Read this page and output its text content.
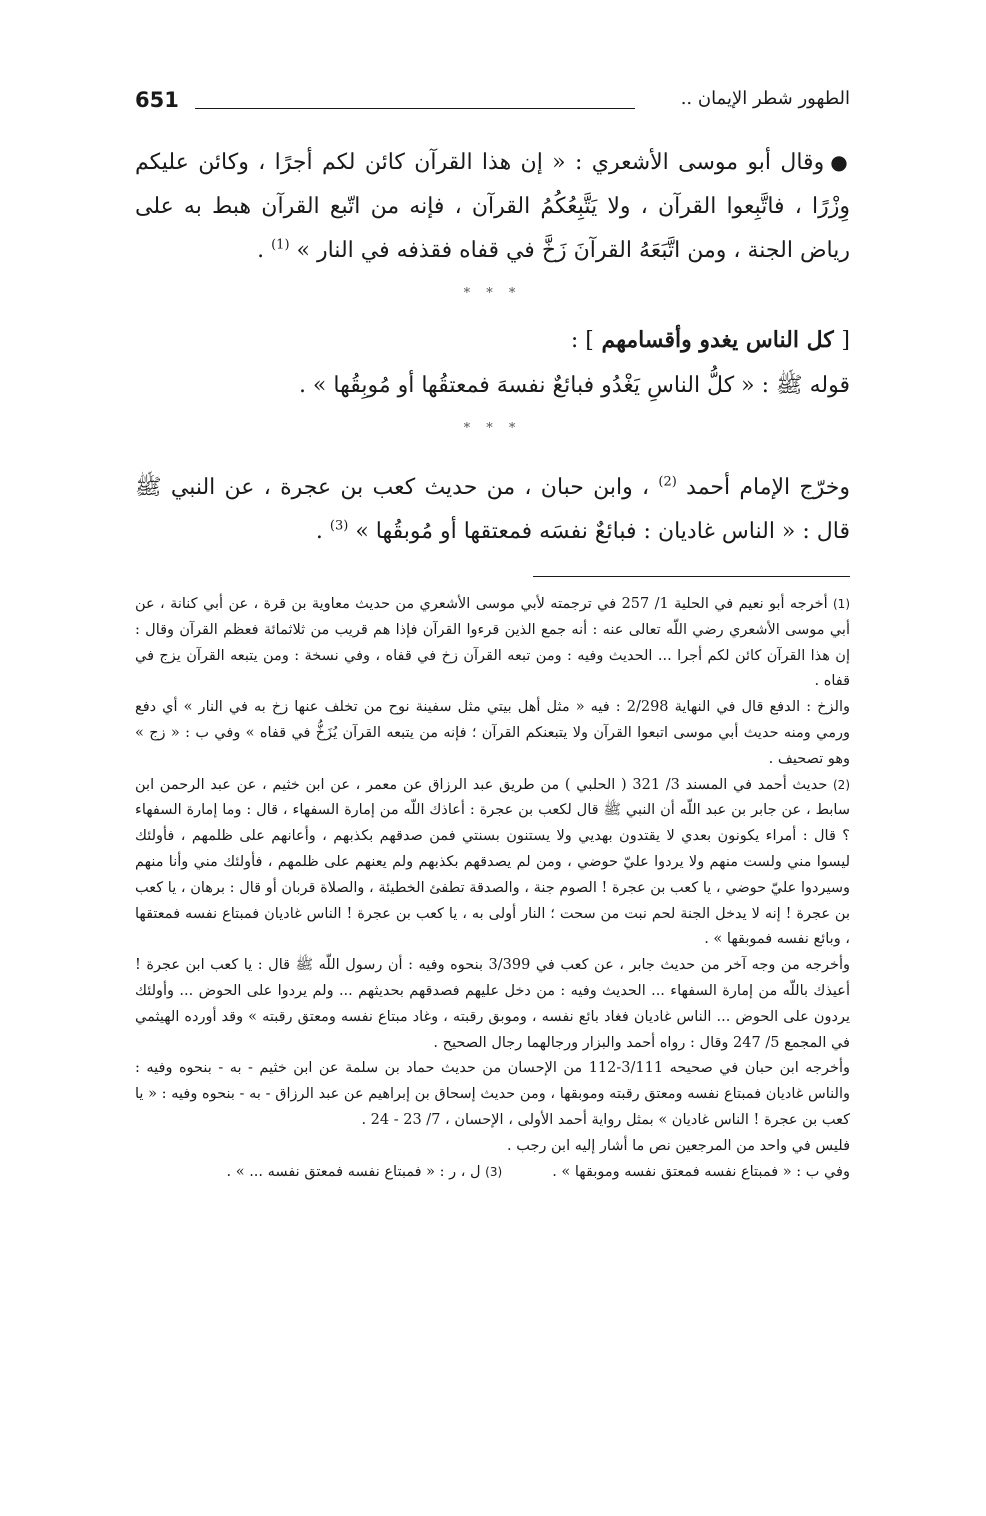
651	الطهور شطر الإيمان ..

●وقال أبو موسى الأشعري : « إن هذا القرآن كائن لكم أجرًا ، وكائن عليكم وِزْرًا ، فاتَّبِعوا القرآن ، ولا يَتَّبِعُكُمُ القرآن ، فإنه من اتّبع القرآن هبط به على رياض الجنة ، ومن اتَّبَعَهُ القرآنَ زَخَّ في قفاه فقذفه في النار » $^{(1)}$ .

* * *

[ كل الناس يغدو وأقسامهم ] :

قوله ﷺ : « كلُّ الناسِ يَغْدُو فبائعٌ نفسهَ فمعتقُها أو مُوبِقُها » .

* * *

وخرّج الإمام أحمد $^{(2)}$ ، وابن حبان ، من حديث كعب بن عجرة ، عن النبي ﷺ قال : « الناس غاديان : فبائعٌ نفسَه فمعتقها أو مُوبقُها » $^{(3)}$ .

(1) أخرجه أبو نعيم في الحلية 1/ 257 في ترجمته لأبي موسى الأشعري من حديث معاوية بن قرة ، عن أبي كنانة ، عن أبي موسى الأشعري رضي اللّه تعالى عنه : أنه جمع الذين قرءوا القرآن فإذا هم قريب من ثلاثمائة فعظم القرآن وقال : إن هذا القرآن كائن لكم أجرا ... الحديث وفيه : ومن تبعه القرآن زخ في قفاه ، وفي نسخة : ومن يتبعه القرآن يزج في قفاه .

والزخ : الدفع قال في النهاية 2/298 : فيه « مثل أهل بيتي مثل سفينة نوح من تخلف عنها زخ به في النار » أي دفع ورمي ومنه حديث أبي موسى اتبعوا القرآن ولا يتبعنكم القرآن ؛ فإنه من يتبعه القرآن يُزَخُّ في قفاه » وفي ب : « زج » وهو تصحيف .

(2) حديث أحمد في المسند 3/ 321 ( الحلبي ) من طريق عبد الرزاق عن معمر ، عن ابن خثيم ، عن عبد الرحمن ابن سابط ، عن جابر بن عبد اللّه أن النبي ﷺ قال لكعب بن عجرة : أعاذك اللّه من إمارة السفهاء ، قال : وما إمارة السفهاء ؟ قال : أمراء يكونون بعدي لا يقتدون بهديي ولا يستنون بسنتي فمن صدقهم بكذبهم ، وأعانهم على ظلمهم ، فأولئك ليسوا مني ولست منهم ولا يردوا عليّ حوضي ، ومن لم يصدقهم بكذبهم ولم يعنهم على ظلمهم ، فأولئك مني وأنا منهم وسيردوا عليّ حوضي ، يا كعب بن عجرة ! الصوم جنة ، والصدقة تطفئ الخطيئة ، والصلاة قربان أو قال : برهان ، يا كعب بن عجرة ! إنه لا يدخل الجنة لحم نبت من سحت ؛ النار أولى به ، يا كعب بن عجرة ! الناس غاديان فمبتاع نفسه فمعتقها ، وبائع نفسه فموبقها » .

وأخرجه من وجه آخر من حديث جابر ، عن كعب في 3/399 بنحوه وفيه : أن رسول اللّه ﷺ قال : يا كعب ابن عجرة ! أعيذك باللّه من إمارة السفهاء ... الحديث وفيه : من دخل عليهم فصدقهم بحديثهم ... ولم يردوا على الحوض ... وأولئك يردون على الحوض ... الناس غاديان فغاد بائع نفسه ، وموبق رقبته ، وغاد مبتاع نفسه ومعتق رقبته » وقد أورده الهيثمي في المجمع 5/ 247 وقال : رواه أحمد والبزار ورجالهما رجال الصحيح .

وأخرجه ابن حبان في صحيحه 3/111-112 من الإحسان من حديث حماد بن سلمة عن ابن خثيم - به - بنحوه وفيه : والناس غاديان فمبتاع نفسه ومعتق رقبته وموبقها ، ومن حديث إسحاق بن إبراهيم عن عبد الرزاق - به - بنحوه وفيه : « يا كعب بن عجرة ! الناس غاديان » بمثل رواية أحمد الأولى ، الإحسان ، 7/ 23 - 24 .

فليس في واحد من المرجعين نص ما أشار إليه ابن رجب .

وفي ب : « فمبتاع نفسه فمعتق نفسه وموبقها » .
(3) ل ، ر : « فمبتاع نفسه فمعتق نفسه ... » .
